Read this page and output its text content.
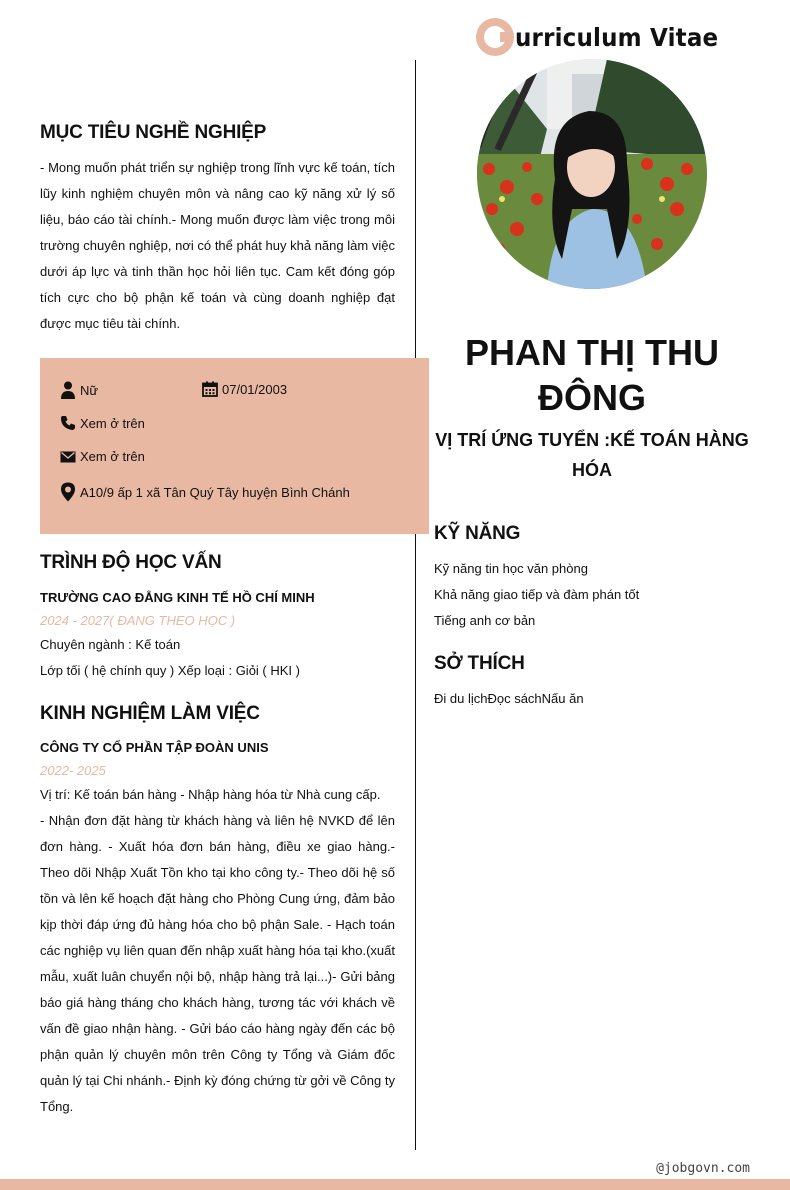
urriculum Vitae
MỤC TIÊU NGHỀ NGHIỆP

- Mong muốn phát triển sự nghiệp trong lĩnh vực kế toán, tích lũy kinh nghiệm chuyên môn và nâng cao kỹ năng xử lý số liệu, báo cáo tài chính.- Mong muốn được làm việc trong môi trường chuyên nghiệp, nơi có thể phát huy khả năng làm việc dưới áp lực và tinh thần học hỏi liên tục. Cam kết đóng góp tích cực cho bộ phận kế toán và cùng doanh nghiệp đạt được mục tiêu tài chính.

Nữ	07/01/2003
Xem ở trên
Xem ở trên
A10/9 ấp 1 xã Tân Quý Tây huyện Bình Chánh
TRÌNH ĐỘ HỌC VẤN
TRƯỜNG CAO ĐẲNG KINH TẾ HỒ CHÍ MINH
2024 - 2027( ĐANG THEO HỌC )
Chuyên ngành : Kế toán
Lớp tối ( hệ chính quy ) Xếp loại : Giỏi ( HKI )
KINH NGHIỆM LÀM VIỆC
CÔNG TY CỔ PHẦN TẬP ĐOÀN UNIS
2022- 2025
Vị trí: Kế toán bán hàng - Nhập hàng hóa từ Nhà cung cấp.

- Nhận đơn đặt hàng từ khách hàng và liên hệ NVKD để lên đơn hàng. - Xuất hóa đơn bán hàng, điều xe giao hàng.- Theo dõi Nhập Xuất Tồn kho tại kho công ty.- Theo dõi hệ số tồn và lên kế hoạch đặt hàng cho Phòng Cung ứng, đảm bảo kịp thời đáp ứng đủ hàng hóa cho bộ phận Sale. - Hạch toán các nghiệp vụ liên quan đến nhập xuất hàng hóa tại kho.(xuất mẫu, xuất luân chuyển nội bộ, nhập hàng trả lại...)- Gửi bảng báo giá hàng tháng cho khách hàng, tương tác với khách về vấn đề giao nhận hàng. - Gửi báo cáo hàng ngày đến các bộ phận quản lý chuyên môn trên Công ty Tổng và Giám đốc quản lý tại Chi nhánh.- Định kỳ đóng chứng từ gởi về Công ty Tổng.

PHAN THỊ THU ĐÔNG
VỊ TRÍ ỨNG TUYỂN :KẾ TOÁN HÀNG HÓA
KỸ NĂNG
Kỹ năng tin học văn phòng
Khả năng giao tiếp và đàm phán tốt
Tiếng anh cơ bản
SỞ THÍCH
Đi du lịchĐọc sáchNấu ăn
@jobgovn.com
